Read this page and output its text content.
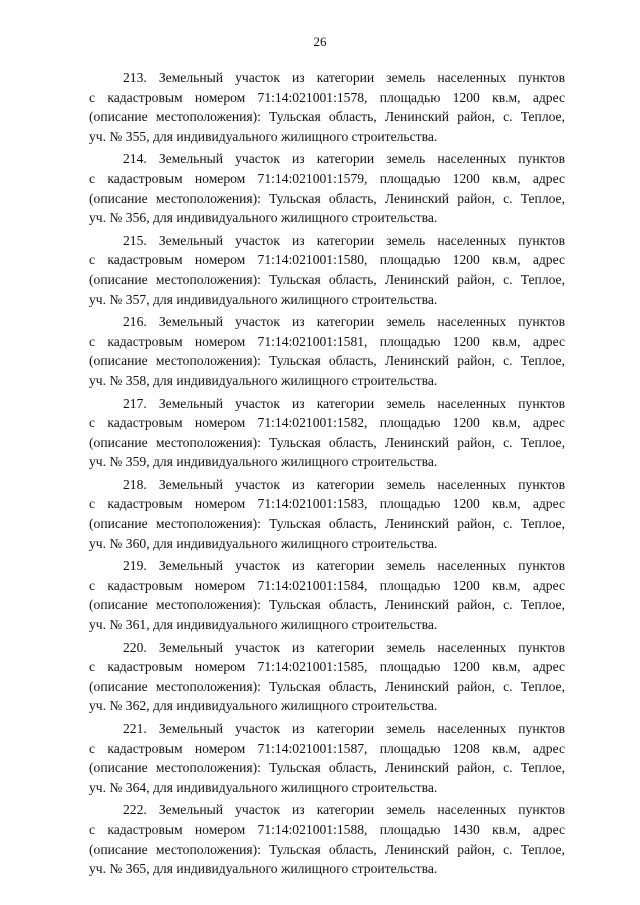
26
213. Земельный участок из категории земель населенных пунктов
с кадастровым номером 71:14:021001:1578, площадью 1200 кв.м, адрес
(описание местоположения): Тульская область, Ленинский район, с. Теплое,
уч. № 355, для индивидуального жилищного строительства.
214. Земельный участок из категории земель населенных пунктов
с кадастровым номером 71:14:021001:1579, площадью 1200 кв.м, адрес
(описание местоположения): Тульская область, Ленинский район, с. Теплое,
уч. № 356, для индивидуального жилищного строительства.
215. Земельный участок из категории земель населенных пунктов
с кадастровым номером 71:14:021001:1580, площадью 1200 кв.м, адрес
(описание местоположения): Тульская область, Ленинский район, с. Теплое,
уч. № 357, для индивидуального жилищного строительства.
216. Земельный участок из категории земель населенных пунктов
с кадастровым номером 71:14:021001:1581, площадью 1200 кв.м, адрес
(описание местоположения): Тульская область, Ленинский район, с. Теплое,
уч. № 358, для индивидуального жилищного строительства.
217. Земельный участок из категории земель населенных пунктов
с кадастровым номером 71:14:021001:1582, площадью 1200 кв.м, адрес
(описание местоположения): Тульская область, Ленинский район, с. Теплое,
уч. № 359, для индивидуального жилищного строительства.
218. Земельный участок из категории земель населенных пунктов
с кадастровым номером 71:14:021001:1583, площадью 1200 кв.м, адрес
(описание местоположения): Тульская область, Ленинский район, с. Теплое,
уч. № 360, для индивидуального жилищного строительства.
219. Земельный участок из категории земель населенных пунктов
с кадастровым номером 71:14:021001:1584, площадью 1200 кв.м, адрес
(описание местоположения): Тульская область, Ленинский район, с. Теплое,
уч. № 361, для индивидуального жилищного строительства.
220. Земельный участок из категории земель населенных пунктов
с кадастровым номером 71:14:021001:1585, площадью 1200 кв.м, адрес
(описание местоположения): Тульская область, Ленинский район, с. Теплое,
уч. № 362, для индивидуального жилищного строительства.
221. Земельный участок из категории земель населенных пунктов
с кадастровым номером 71:14:021001:1587, площадью 1208 кв.м, адрес
(описание местоположения): Тульская область, Ленинский район, с. Теплое,
уч. № 364, для индивидуального жилищного строительства.
222. Земельный участок из категории земель населенных пунктов
с кадастровым номером 71:14:021001:1588, площадью 1430 кв.м, адрес
(описание местоположения): Тульская область, Ленинский район, с. Теплое,
уч. № 365, для индивидуального жилищного строительства.
